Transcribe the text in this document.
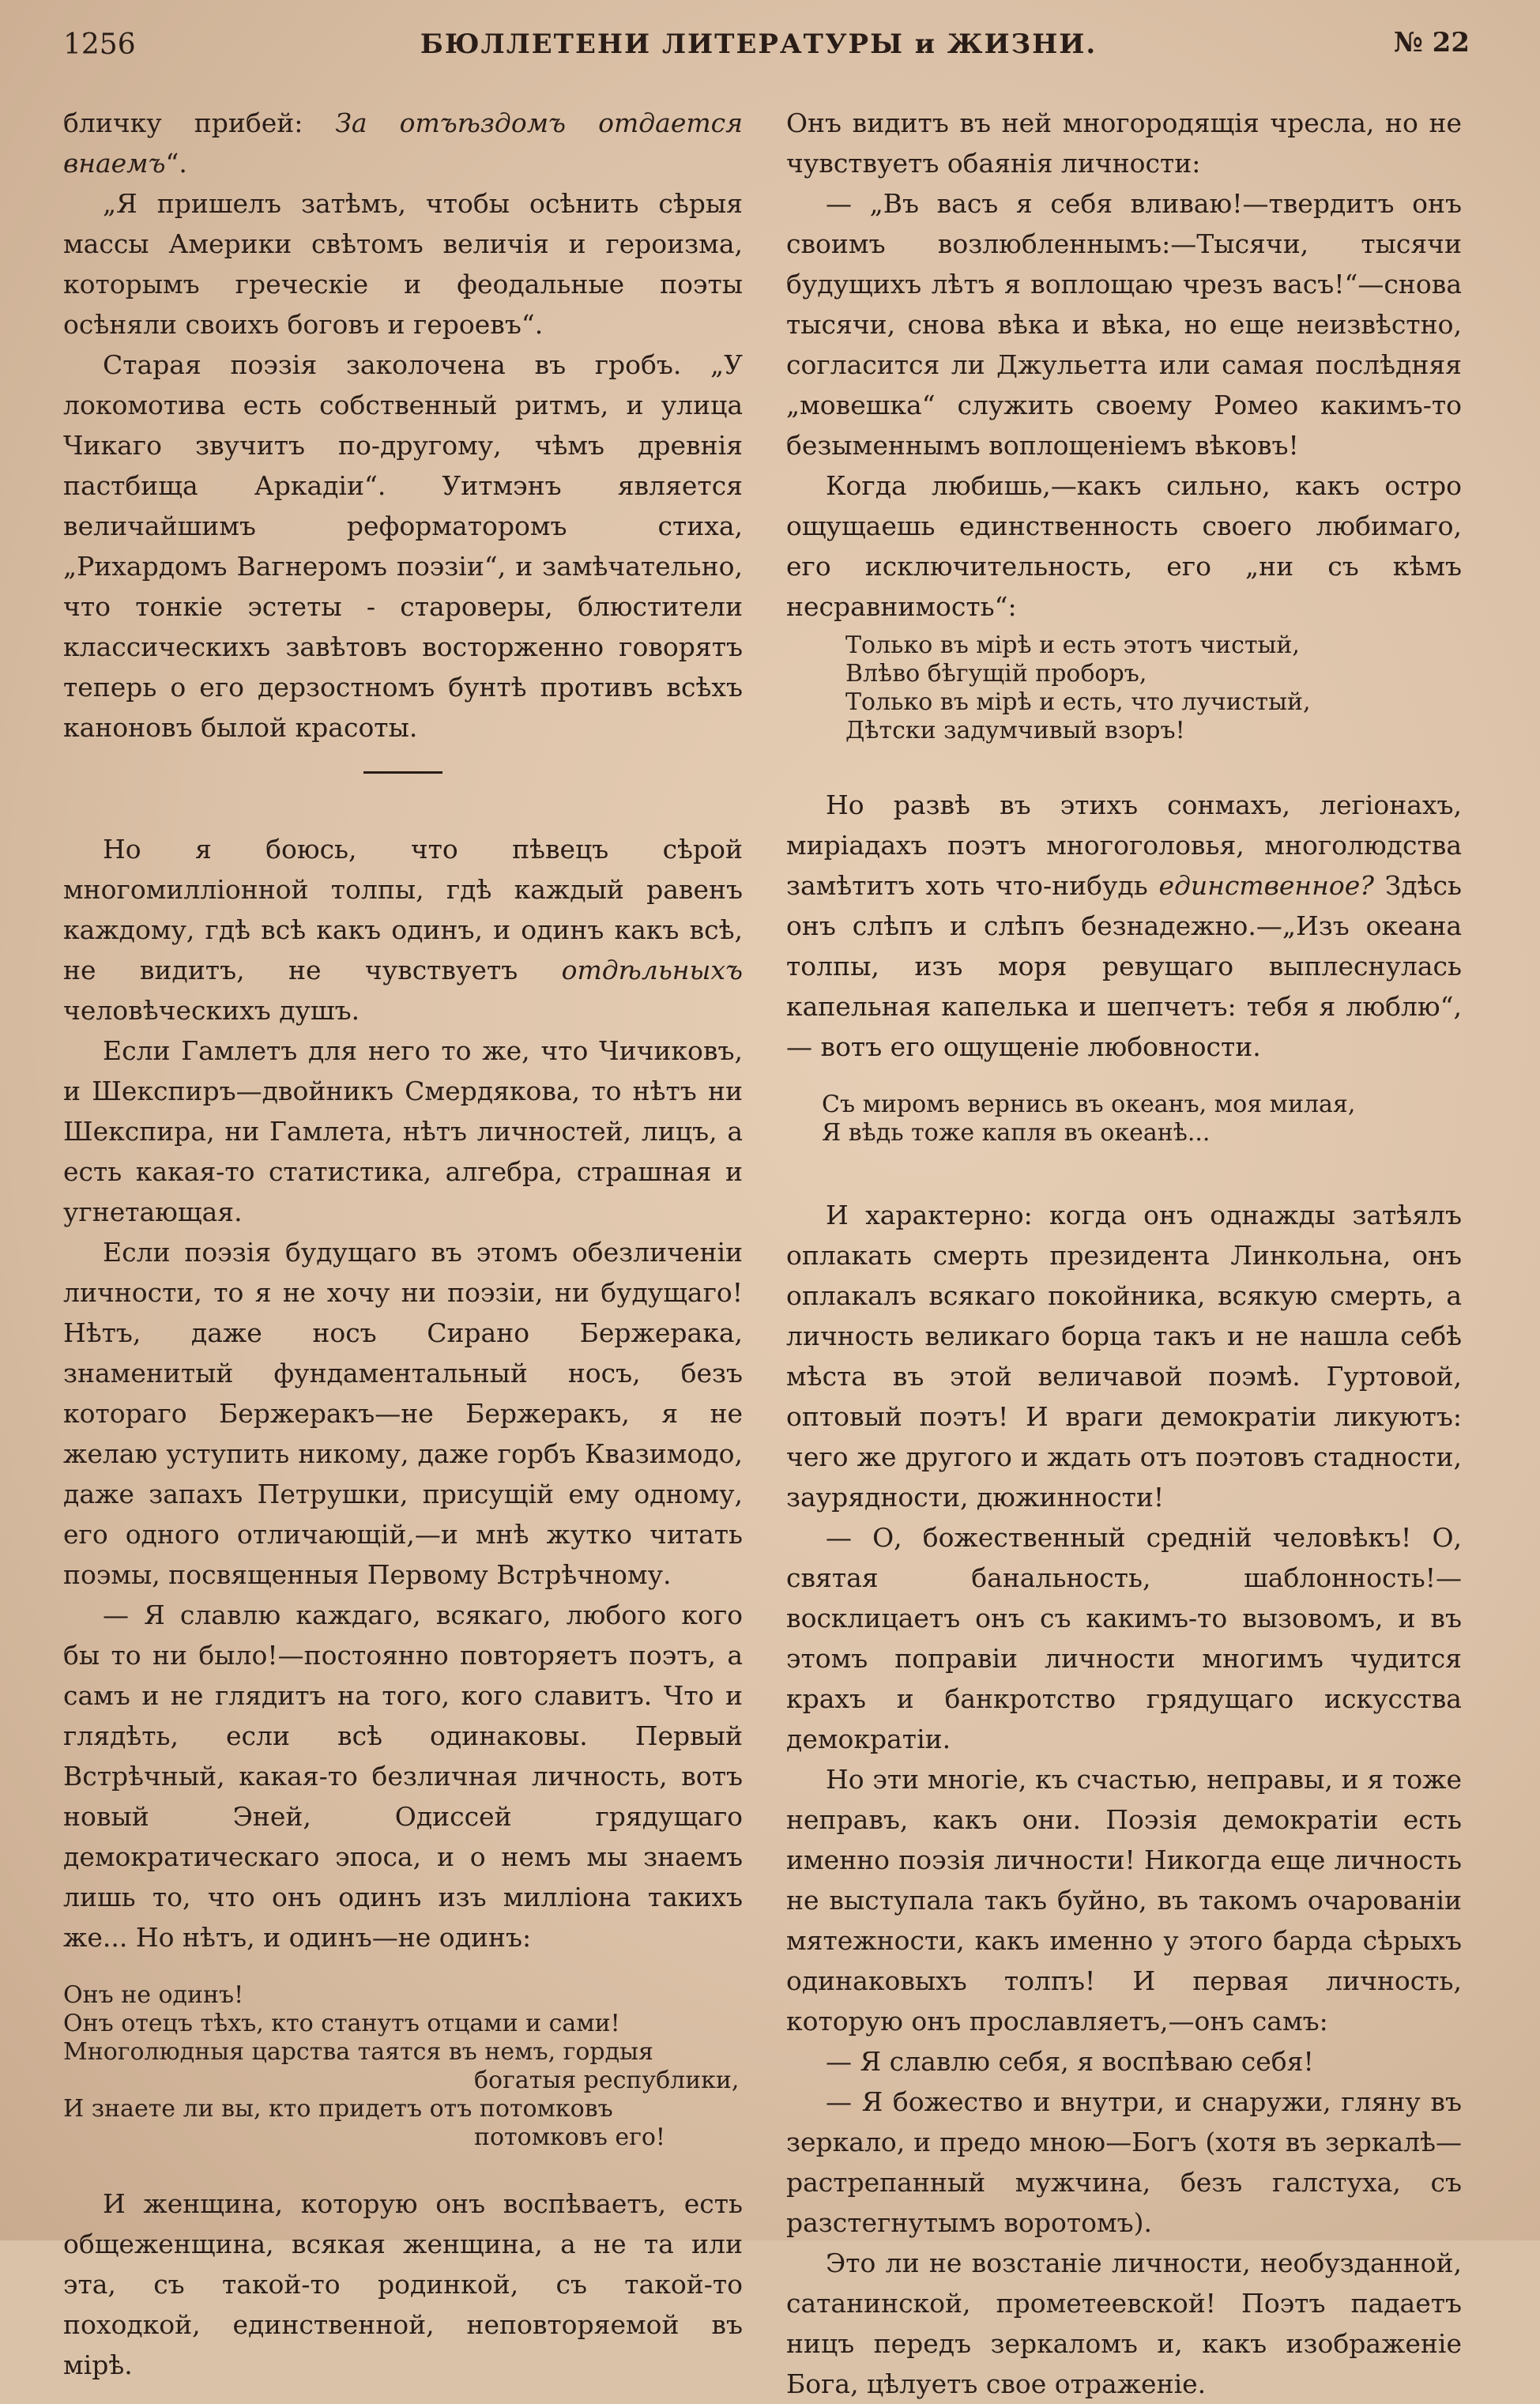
1256	БЮЛЛЕТЕНИ ЛИТЕРАТУРЫ и ЖИЗНИ.	№ 22

бличку прибей: За отъѣздомъ отдается внаемъ“.

„Я пришелъ затѣмъ, чтобы осѣнить сѣрыя массы Америки свѣтомъ величія и героизма, которымъ греческіе и феодальные поэты осѣняли своихъ боговъ и героевъ“.

Старая поэзія заколочена въ гробъ. „У локомотива есть собственный ритмъ, и улица Чикаго звучитъ по-другому, чѣмъ древнія пастбища Аркадіи“. Уитмэнъ является величайшимъ реформаторомъ стиха, „Рихардомъ Вагнеромъ поэзіи“, и замѣчательно, что тонкіе эстеты - староверы, блюстители классическихъ завѣтовъ восторженно говорятъ теперь о его дерзостномъ бунтѣ противъ всѣхъ каноновъ былой красоты.

Но я боюсь, что пѣвецъ сѣрой многомиллiонной толпы, гдѣ каждый равенъ каждому, гдѣ всѣ какъ одинъ, и одинъ какъ всѣ, не видитъ, не чувствуетъ отдѣльныхъ человѣческихъ душъ.

Если Гамлетъ для него то же, что Чичиковъ, и Шекспиръ—двойникъ Смердякова, то нѣтъ ни Шекспира, ни Гамлета, нѣтъ личностей, лицъ, а есть какая-то статистика, алгебра, страшная и угнетающая.

Если поэзія будущаго въ этомъ обезличеніи личности, то я не хочу ни поэзіи, ни будущаго! Нѣтъ, даже носъ Сирано Бержерака, знаменитый фундаментальный носъ, безъ котораго Бержеракъ—не Бержеракъ, я не желаю уступить никому, даже горбъ Квазимодо, даже запахъ Петрушки, присущій ему одному, его одного отличающій,—и мнѣ жутко читать поэмы, посвященныя Первому Встрѣчному.

— Я славлю каждаго, всякаго, любого кого бы то ни было!—постоянно повторяетъ поэтъ, а самъ и не глядитъ на того, кого славитъ. Что и глядѣть, если всѣ одинаковы. Первый Встрѣчный, какая-то безличная личность, вотъ новый Эней, Одиссей грядущаго демократическаго эпоса, и о немъ мы знаемъ лишь то, что онъ одинъ изъ милліона такихъ же... Но нѣтъ, и одинъ—не одинъ:

Онъ не одинъ!
Онъ отецъ тѣхъ, кто станутъ отцами и сами!
Многолюдныя царства таятся въ немъ, гордыя
богатыя республики,
И знаете ли вы, кто придетъ отъ потомковъ
потомковъ его!

И женщина, которую онъ воспѣваетъ, есть общеженщина, всякая женщина, а не та или эта, съ такой-то родинкой, съ такой-то походкой, единственной, неповторяемой въ мірѣ.

Онъ видитъ въ ней многородящія чресла, но не чувствуетъ обаянія личности:

— „Въ васъ я себя вливаю!—твердитъ онъ своимъ возлюбленнымъ:—Тысячи, тысячи будущихъ лѣтъ я воплощаю чрезъ васъ!“—снова тысячи, снова вѣка и вѣка, но еще неизвѣстно, согласится ли Джульетта или самая послѣдняя „мовешка“ служить своему Ромео какимъ-то безыменнымъ воплощеніемъ вѣковъ!

Когда любишь,—какъ сильно, какъ остро ощущаешь единственность своего любимаго, его исключительность, его „ни съ кѣмъ несравнимость“:

Только въ мірѣ и есть этотъ чистый,
Влѣво бѣгущій проборъ,
Только въ мірѣ и есть, что лучистый,
Дѣтски задумчивый взоръ!

Но развѣ въ этихъ сонмахъ, легіонахъ, миріадахъ поэтъ многоголовья, многолюдства замѣтитъ хоть что-нибудь единственное? Здѣсь онъ слѣпъ и слѣпъ безнадежно.—„Изъ океана толпы, изъ моря ревущаго выплеснулась капельная капелька и шепчетъ: тебя я люблю“,— вотъ его ощущеніе любовности.

Съ миромъ вернись въ океанъ, моя милая,
Я вѣдь тоже капля въ океанѣ...

И характерно: когда онъ однажды затѣялъ оплакать смерть президента Линкольна, онъ оплакалъ всякаго покойника, всякую смерть, а личность великаго борца такъ и не нашла себѣ мѣста въ этой величавой поэмѣ. Гуртовой, оптовый поэтъ! И враги демократіи ликуютъ: чего же другого и ждать отъ поэтовъ стадности, заурядности, дюжинности!

— О, божественный средній человѣкъ! О, святая банальность, шаблонность!—восклицаетъ онъ съ какимъ-то вызовомъ, и въ этомъ поправіи личности многимъ чудится крахъ и банкротство грядущаго искусства демократіи.

Но эти многіе, къ счастью, неправы, и я тоже неправъ, какъ они. Поэзія демократіи есть именно поэзія личности! Никогда еще личность не выступала такъ буйно, въ такомъ очарованіи мятежности, какъ именно у этого барда сѣрыхъ одинаковыхъ толпъ! И первая личность, которую онъ прославляетъ,—онъ самъ:

— Я славлю себя, я воспѣваю себя!

— Я божество и внутри, и снаружи, гляну въ зеркало, и предо мною—Богъ (хотя въ зеркалѣ—растрепанный мужчина, безъ галстуха, съ разстегнутымъ воротомъ).

Это ли не возстаніе личности, необузданной, сатанинской, прометеевской! Поэтъ падаетъ ницъ передъ зеркаломъ и, какъ изображеніе Бога, цѣлуетъ свое отраженіе.
